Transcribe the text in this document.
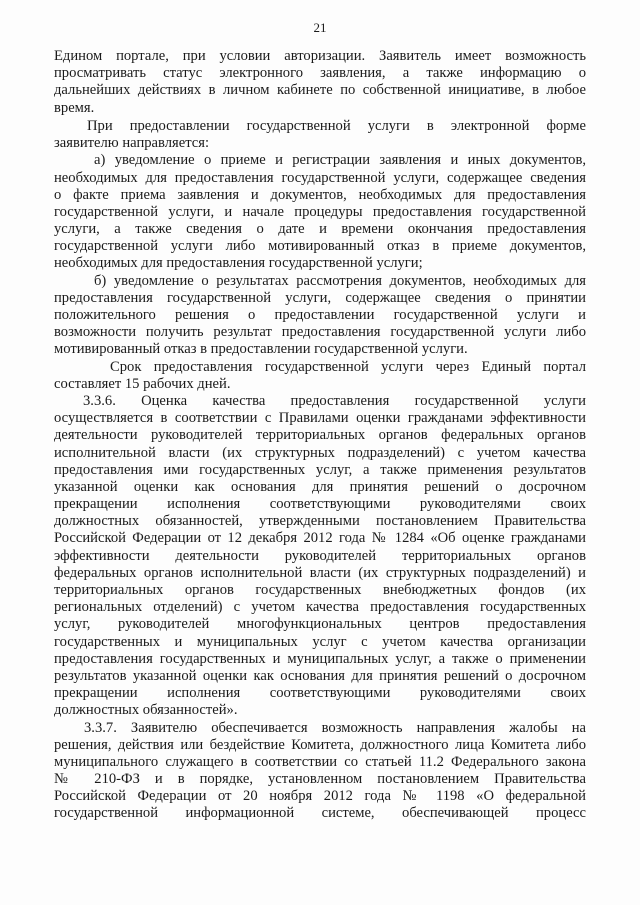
21
Едином портале, при условии авторизации. Заявитель имеет возможность
просматривать статус электронного заявления, а также информацию о
дальнейших действиях в личном кабинете по собственной инициативе, в любое
время.
При предоставлении государственной услуги в электронной форме
заявителю направляется:
а) уведомление о приеме и регистрации заявления и иных документов,
необходимых для предоставления государственной услуги, содержащее сведения
о факте приема заявления и документов, необходимых для предоставления
государственной услуги, и начале процедуры предоставления государственной
услуги, а также сведения о дате и времени окончания предоставления
государственной услуги либо мотивированный отказ в приеме документов,
необходимых для предоставления государственной услуги;
б) уведомление о результатах рассмотрения документов, необходимых для
предоставления государственной услуги, содержащее сведения о принятии
положительного решения о предоставлении государственной услуги и
возможности получить результат предоставления государственной услуги либо
мотивированный отказ в предоставлении государственной услуги.
Срок предоставления государственной услуги через Единый портал
составляет 15 рабочих дней.
3.3.6. Оценка качества предоставления государственной услуги
осуществляется в соответствии с Правилами оценки гражданами эффективности
деятельности руководителей территориальных органов федеральных органов
исполнительной власти (их структурных подразделений) с учетом качества
предоставления ими государственных услуг, а также применения результатов
указанной оценки как основания для принятия решений о досрочном
прекращении исполнения соответствующими руководителями своих
должностных обязанностей, утвержденными постановлением Правительства
Российской Федерации от 12 декабря 2012 года № 1284 «Об оценке гражданами
эффективности деятельности руководителей территориальных органов
федеральных органов исполнительной власти (их структурных подразделений) и
территориальных органов государственных внебюджетных фондов (их
региональных отделений) с учетом качества предоставления государственных
услуг, руководителей многофункциональных центров предоставления
государственных и муниципальных услуг с учетом качества организации
предоставления государственных и муниципальных услуг, а также о применении
результатов указанной оценки как основания для принятия решений о досрочном
прекращении исполнения соответствующими руководителями своих
должностных обязанностей».
3.3.7. Заявителю обеспечивается возможность направления жалобы на
решения, действия или бездействие Комитета, должностного лица Комитета либо
муниципального служащего в соответствии со статьей 11.2 Федерального закона
№ 210-ФЗ и в порядке, установленном постановлением Правительства
Российской Федерации от 20 ноября 2012 года № 1198 «О федеральной
государственной информационной системе, обеспечивающей процесс
